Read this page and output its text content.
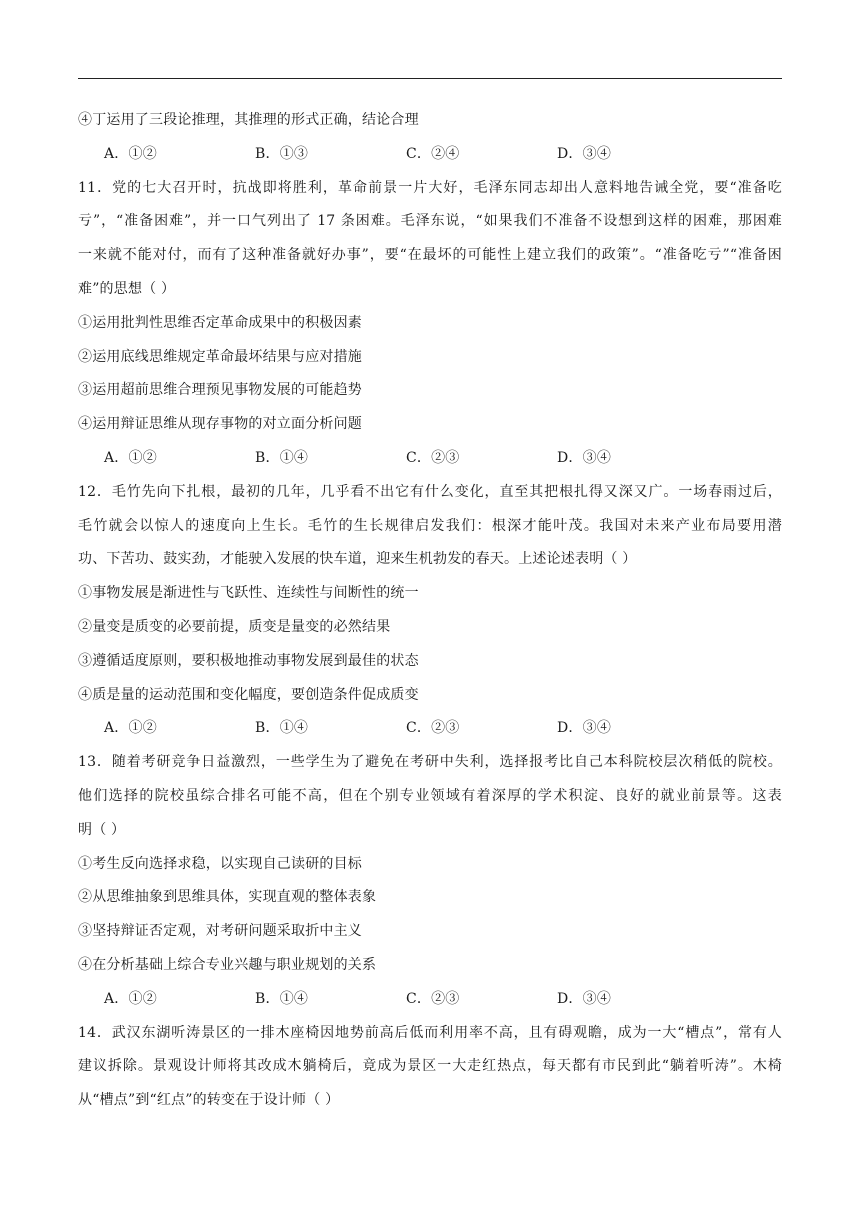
④丁运用了三段论推理，其推理的形式正确，结论合理
A．①②	B．①③	C．②④	D．③④
11．党的七大召开时，抗战即将胜利，革命前景一片大好，毛泽东同志却出人意料地告诫全党，要“准备吃
亏”，“准备困难”，并一口气列出了 17 条困难。毛泽东说，“如果我们不准备不设想到这样的困难，那困难
一来就不能对付，而有了这种准备就好办事”，要“在最坏的可能性上建立我们的政策”。“准备吃亏”“准备困
难”的思想（ ）
①运用批判性思维否定革命成果中的积极因素
②运用底线思维规定革命最坏结果与应对措施
③运用超前思维合理预见事物发展的可能趋势
④运用辩证思维从现存事物的对立面分析问题
A．①②	B．①④	C．②③	D．③④
12．毛竹先向下扎根，最初的几年，几乎看不出它有什么变化，直至其把根扎得又深又广。一场春雨过后，
毛竹就会以惊人的速度向上生长。毛竹的生长规律启发我们：根深才能叶茂。我国对未来产业布局要用潜
功、下苦功、鼓实劲，才能驶入发展的快车道，迎来生机勃发的春天。上述论述表明（ ）
①事物发展是渐进性与飞跃性、连续性与间断性的统一
②量变是质变的必要前提，质变是量变的必然结果
③遵循适度原则，要积极地推动事物发展到最佳的状态
④质是量的运动范围和变化幅度，要创造条件促成质变
A．①②	B．①④	C．②③	D．③④
13．随着考研竞争日益激烈，一些学生为了避免在考研中失利，选择报考比自己本科院校层次稍低的院校。
他们选择的院校虽综合排名可能不高，但在个别专业领域有着深厚的学术积淀、良好的就业前景等。这表
明（ ）
①考生反向选择求稳，以实现自己读研的目标
②从思维抽象到思维具体，实现直观的整体表象
③坚持辩证否定观，对考研问题采取折中主义
④在分析基础上综合专业兴趣与职业规划的关系
A．①②	B．①④	C．②③	D．③④
14．武汉东湖听涛景区的一排木座椅因地势前高后低而利用率不高，且有碍观瞻，成为一大“槽点”，常有人
建议拆除。景观设计师将其改成木躺椅后，竟成为景区一大走红热点，每天都有市民到此“躺着听涛”。木椅
从“槽点”到“红点”的转变在于设计师（ ）
